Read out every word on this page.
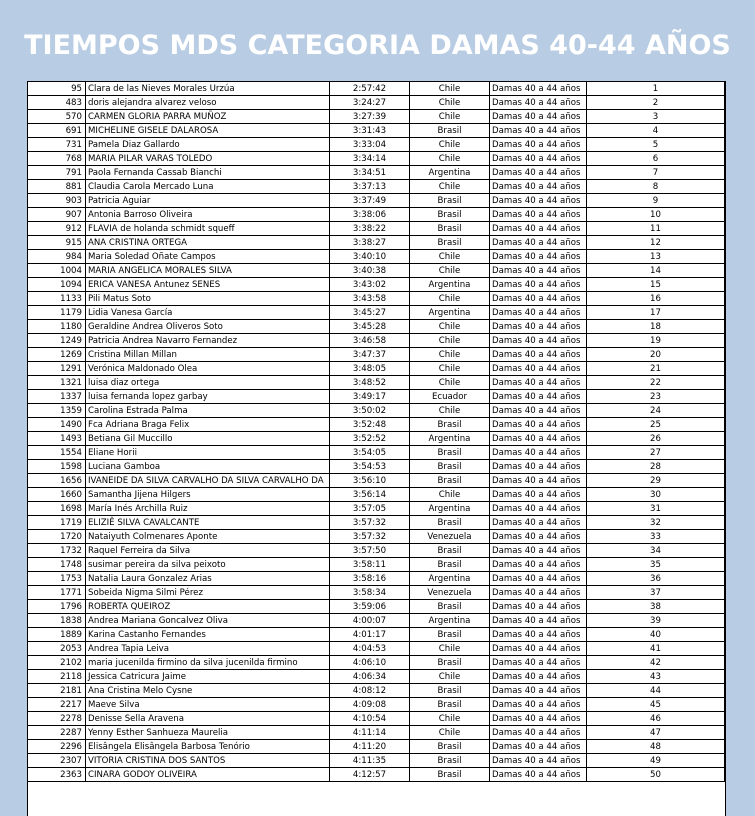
TIEMPOS MDS CATEGORIA DAMAS 40-44 AÑOS
95	Clara de las Nieves Morales Urzúa	2:57:42	Chile	Damas 40 a 44 años	1
483	doris alejandra alvarez veloso	3:24:27	Chile	Damas 40 a 44 años	2
570	CARMEN GLORIA PARRA MUÑOZ	3:27:39	Chile	Damas 40 a 44 años	3
691	MICHELINE GISELE DALAROSA	3:31:43	Brasil	Damas 40 a 44 años	4
731	Pamela Diaz Gallardo	3:33:04	Chile	Damas 40 a 44 años	5
768	MARIA PILAR VARAS TOLEDO	3:34:14	Chile	Damas 40 a 44 años	6
791	Paola Fernanda Cassab Bianchi	3:34:51	Argentina	Damas 40 a 44 años	7
881	Claudia Carola Mercado Luna	3:37:13	Chile	Damas 40 a 44 años	8
903	Patricia Aguiar	3:37:49	Brasil	Damas 40 a 44 años	9
907	Antonia Barroso Oliveira	3:38:06	Brasil	Damas 40 a 44 años	10
912	FLAVIA de holanda schmidt squeff	3:38:22	Brasil	Damas 40 a 44 años	11
915	ANA CRISTINA ORTEGA	3:38:27	Brasil	Damas 40 a 44 años	12
984	Maria Soledad Oñate Campos	3:40:10	Chile	Damas 40 a 44 años	13
1004	MARIA ANGELICA MORALES SILVA	3:40:38	Chile	Damas 40 a 44 años	14
1094	ERICA VANESA Antunez SENES	3:43:02	Argentina	Damas 40 a 44 años	15
1133	Pili Matus Soto	3:43:58	Chile	Damas 40 a 44 años	16
1179	Lidia Vanesa García	3:45:27	Argentina	Damas 40 a 44 años	17
1180	Geraldine Andrea Oliveros Soto	3:45:28	Chile	Damas 40 a 44 años	18
1249	Patricia Andrea Navarro Fernandez	3:46:58	Chile	Damas 40 a 44 años	19
1269	Cristina Millan Millan	3:47:37	Chile	Damas 40 a 44 años	20
1291	Verónica Maldonado Olea	3:48:05	Chile	Damas 40 a 44 años	21
1321	luisa diaz ortega	3:48:52	Chile	Damas 40 a 44 años	22
1337	luisa fernanda lopez garbay	3:49:17	Ecuador	Damas 40 a 44 años	23
1359	Carolina Estrada Palma	3:50:02	Chile	Damas 40 a 44 años	24
1490	Fca Adriana Braga Felix	3:52:48	Brasil	Damas 40 a 44 años	25
1493	Betiana Gil Muccillo	3:52:52	Argentina	Damas 40 a 44 años	26
1554	Eliane Horii	3:54:05	Brasil	Damas 40 a 44 años	27
1598	Luciana Gamboa	3:54:53	Brasil	Damas 40 a 44 años	28
1656	IVANEIDE DA SILVA CARVALHO DA SILVA CARVALHO DA	3:56:10	Brasil	Damas 40 a 44 años	29
1660	Samantha Jijena Hilgers	3:56:14	Chile	Damas 40 a 44 años	30
1698	María Inés Archilla Ruiz	3:57:05	Argentina	Damas 40 a 44 años	31
1719	ELIZIÊ SILVA CAVALCANTE	3:57:32	Brasil	Damas 40 a 44 años	32
1720	Nataiyuth Colmenares Aponte	3:57:32	Venezuela	Damas 40 a 44 años	33
1732	Raquel Ferreira da Silva	3:57:50	Brasil	Damas 40 a 44 años	34
1748	susimar pereira da silva peixoto	3:58:11	Brasil	Damas 40 a 44 años	35
1753	Natalia Laura Gonzalez Arias	3:58:16	Argentina	Damas 40 a 44 años	36
1771	Sobeida Nigma Silmi Pérez	3:58:34	Venezuela	Damas 40 a 44 años	37
1796	ROBERTA QUEIROZ	3:59:06	Brasil	Damas 40 a 44 años	38
1838	Andrea Mariana Goncalvez Oliva	4:00:07	Argentina	Damas 40 a 44 años	39
1889	Karina Castanho Fernandes	4:01:17	Brasil	Damas 40 a 44 años	40
2053	Andrea Tapia Leiva	4:04:53	Chile	Damas 40 a 44 años	41
2102	maria jucenilda firmino da silva jucenilda firmino	4:06:10	Brasil	Damas 40 a 44 años	42
2118	Jessica Catricura Jaime	4:06:34	Chile	Damas 40 a 44 años	43
2181	Ana Cristina Melo Cysne	4:08:12	Brasil	Damas 40 a 44 años	44
2217	Maeve Silva	4:09:08	Brasil	Damas 40 a 44 años	45
2278	Denisse Sella Aravena	4:10:54	Chile	Damas 40 a 44 años	46
2287	Yenny Esther Sanhueza Maurelia	4:11:14	Chile	Damas 40 a 44 años	47
2296	Elisângela Elisângela Barbosa Tenório	4:11:20	Brasil	Damas 40 a 44 años	48
2307	VITORIA CRISTINA DOS SANTOS	4:11:35	Brasil	Damas 40 a 44 años	49
2363	CINARA GODOY OLIVEIRA	4:12:57	Brasil	Damas 40 a 44 años	50
